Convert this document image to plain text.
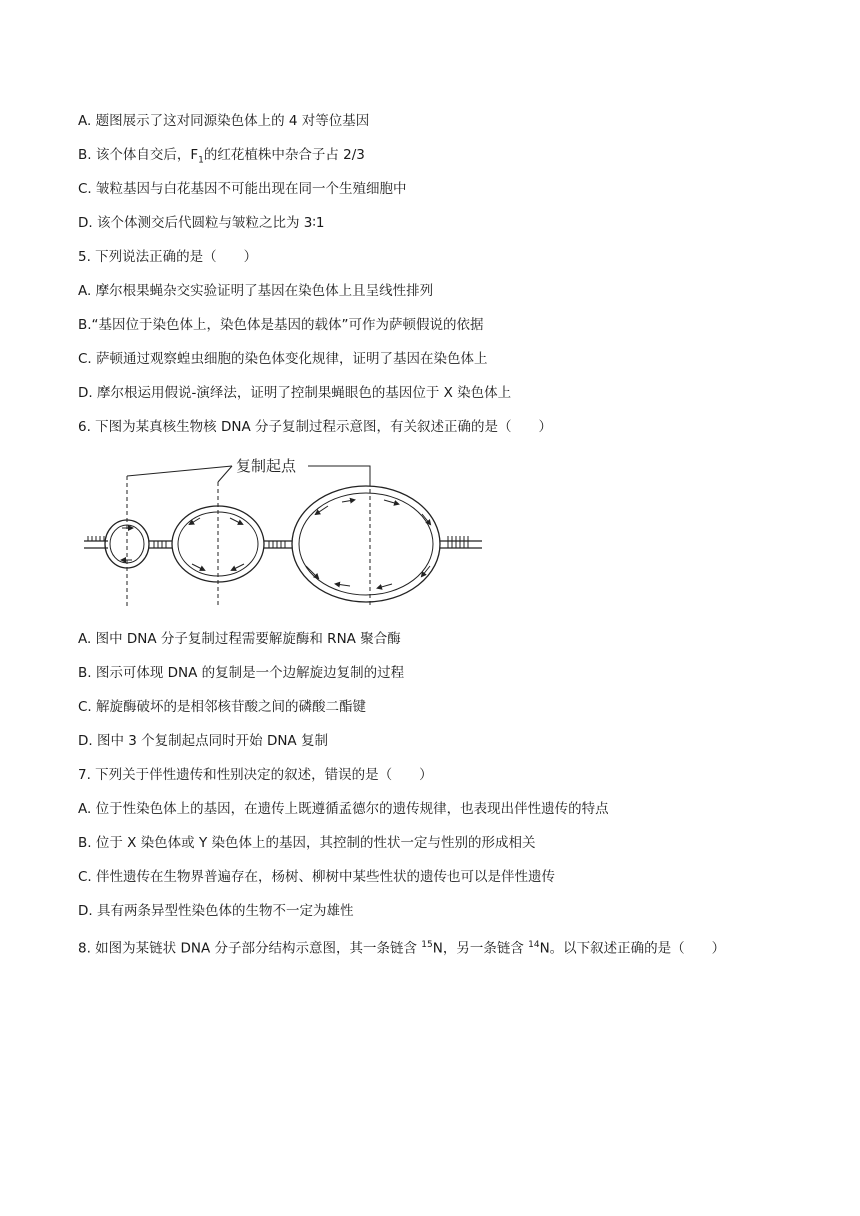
A. 题图展示了这对同源染色体上的 4 对等位基因
B. 该个体自交后，$F_1$的红花植株中杂合子占 2/3
C. 皱粒基因与白花基因不可能出现在同一个生殖细胞中
D. 该个体测交后代圆粒与皱粒之比为 3∶1
5. 下列说法正确的是（　　）
A. 摩尔根果蝇杂交实验证明了基因在染色体上且呈线性排列
B.“基因位于染色体上，染色体是基因的载体”可作为萨顿假说的依据
C. 萨顿通过观察蝗虫细胞的染色体变化规律，证明了基因在染色体上
D. 摩尔根运用假说-演绎法，证明了控制果蝇眼色的基因位于 X 染色体上
6. 下图为某真核生物核 DNA 分子复制过程示意图，有关叙述正确的是（　　）
复制起点
A. 图中 DNA 分子复制过程需要解旋酶和 RNA 聚合酶
B. 图示可体现 DNA 的复制是一个边解旋边复制的过程
C. 解旋酶破坏的是相邻核苷酸之间的磷酸二酯键
D. 图中 3 个复制起点同时开始 DNA 复制
7. 下列关于伴性遗传和性别决定的叙述，错误的是（　　）
A. 位于性染色体上的基因，在遗传上既遵循孟德尔的遗传规律，也表现出伴性遗传的特点
B. 位于 X 染色体或 Y 染色体上的基因，其控制的性状一定与性别的形成相关
C. 伴性遗传在生物界普遍存在，杨树、柳树中某些性状的遗传也可以是伴性遗传
D. 具有两条异型性染色体的生物不一定为雄性
8. 如图为某链状 DNA 分子部分结构示意图，其一条链含 $^{15}$N，另一条链含 $^{14}$N。以下叙述正确的是（　　）
